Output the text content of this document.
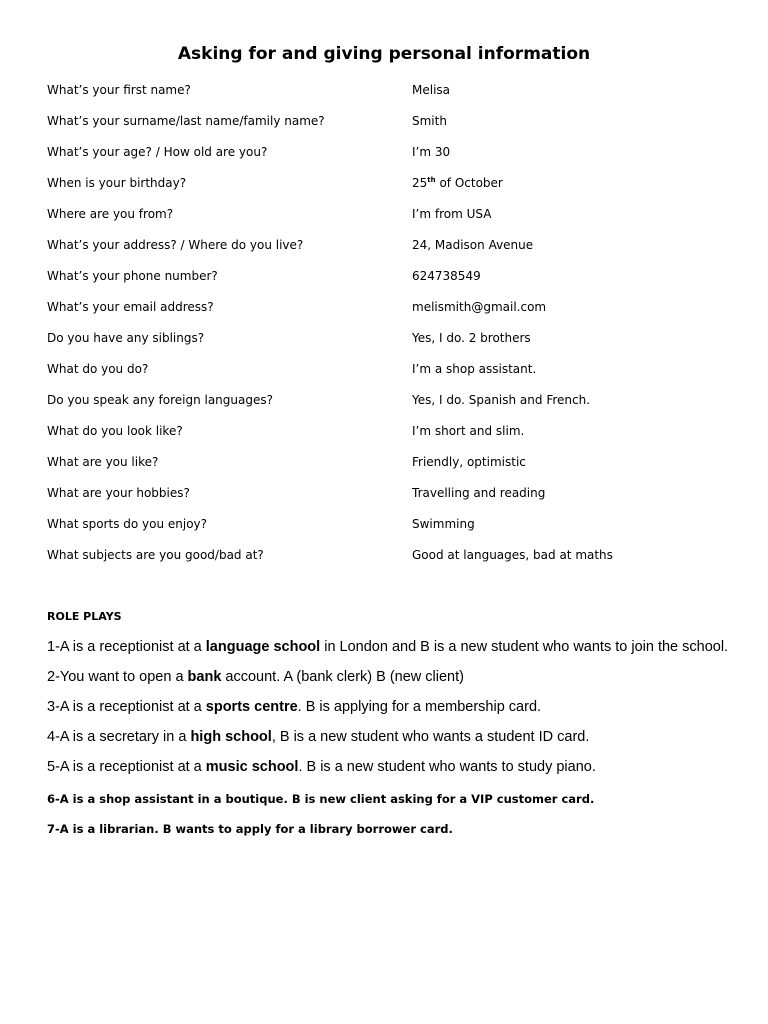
Asking for and giving personal information
What’s your first name?	Melisa
What’s your surname/last name/family name?	Smith
What’s your age? / How old are you?	I’m 30
When is your birthday?	25th of October
Where are you from?	I’m from USA
What’s your address? / Where do you live?	24, Madison Avenue
What’s your phone number?	624738549
What’s your email address?	melismith@gmail.com
Do you have any siblings?	Yes, I do. 2 brothers
What do you do?	I’m a shop assistant.
Do you speak any foreign languages?	Yes, I do. Spanish and French.
What do you look like?	I’m short and slim.
What are you like?	Friendly, optimistic
What are your hobbies?	Travelling and reading
What sports do you enjoy?	Swimming
What subjects are you good/bad at?	Good at languages, bad at maths
ROLE PLAYS
1-A is a receptionist at a language school in London and B is a new student who wants to join the school.
2-You want to open a bank account. A (bank clerk) B (new client)
3-A is a receptionist at a sports centre. B is applying for a membership card.
4-A is a secretary in a high school, B is a new student who wants a student ID card.
5-A is a receptionist at a music school. B is a new student who wants to study piano.
6-A is a shop assistant in a boutique. B is new client asking for a VIP customer card.
7-A is a librarian. B wants to apply for a library borrower card.
